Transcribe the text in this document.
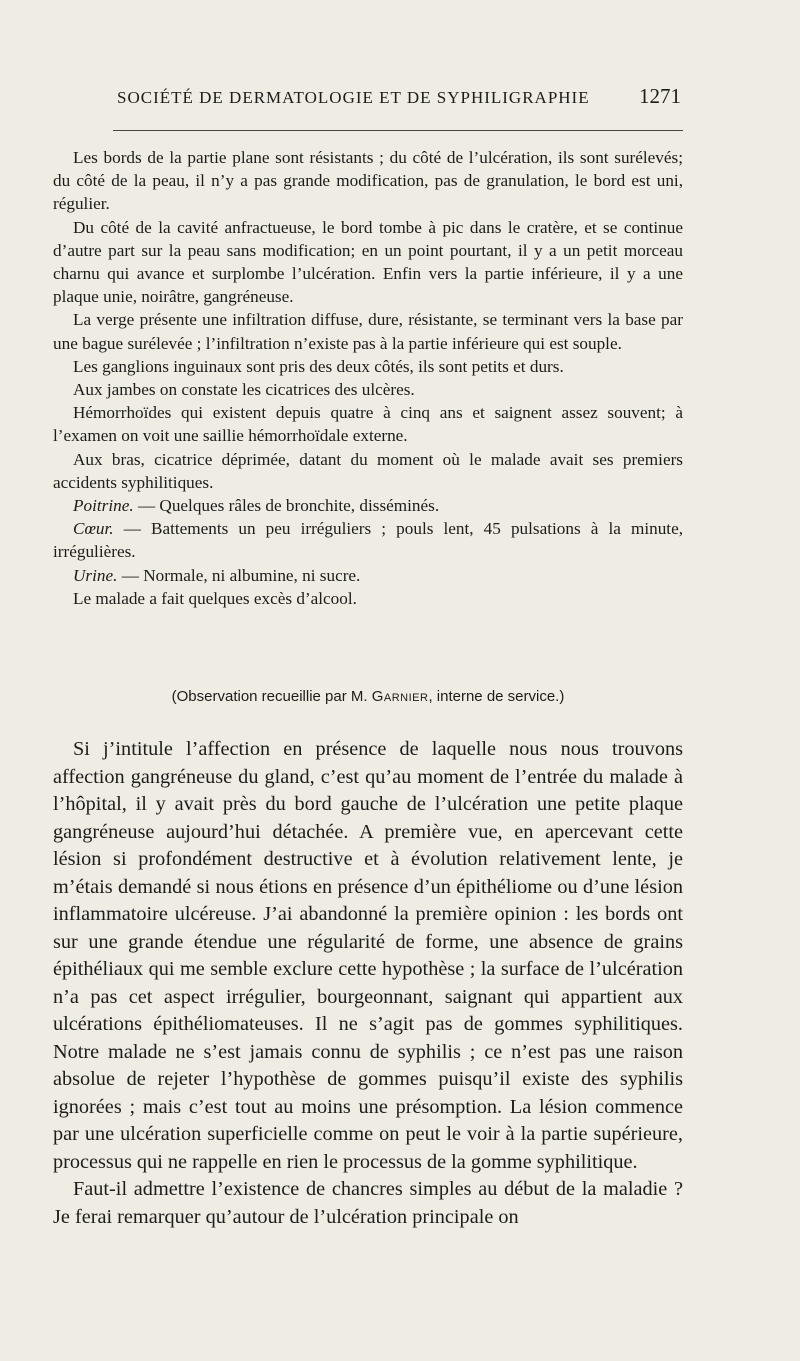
SOCIÉTÉ DE DERMATOLOGIE ET DE SYPHILIGRAPHIE 1271

Les bords de la partie plane sont résistants ; du côté de l’ulcération, ils sont surélevés; du côté de la peau, il n’y a pas grande modification, pas de granulation, le bord est uni, régulier.

Du côté de la cavité anfractueuse, le bord tombe à pic dans le cratère, et se continue d’autre part sur la peau sans modification; en un point pourtant, il y a un petit morceau charnu qui avance et surplombe l’ulcération. Enfin vers la partie inférieure, il y a une plaque unie, noirâtre, gangréneuse.

La verge présente une infiltration diffuse, dure, résistante, se terminant vers la base par une bague surélevée ; l’infiltration n’existe pas à la partie inférieure qui est souple.

Les ganglions inguinaux sont pris des deux côtés, ils sont petits et durs.

Aux jambes on constate les cicatrices des ulcères.

Hémorrhoïdes qui existent depuis quatre à cinq ans et saignent assez souvent; à l’examen on voit une saillie hémorrhoïdale externe.

Aux bras, cicatrice déprimée, datant du moment où le malade avait ses premiers accidents syphilitiques.

Poitrine. — Quelques râles de bronchite, disséminés.

Cœur. — Battements un peu irréguliers ; pouls lent, 45 pulsations à la minute, irrégulières.

Urine. — Normale, ni albumine, ni sucre.

Le malade a fait quelques excès d’alcool.

(Observation recueillie par M. Garnier, interne de service.)

Si j’intitule l’affection en présence de laquelle nous nous trouvons affection gangréneuse du gland, c’est qu’au moment de l’entrée du malade à l’hôpital, il y avait près du bord gauche de l’ulcération une petite plaque gangréneuse aujourd’hui détachée. A première vue, en apercevant cette lésion si profondément destructive et à évolution relativement lente, je m’étais demandé si nous étions en présence d’un épithéliome ou d’une lésion inflammatoire ulcéreuse. J’ai abandonné la première opinion : les bords ont sur une grande étendue une régularité de forme, une absence de grains épithéliaux qui me semble exclure cette hypothèse ; la surface de l’ulcération n’a pas cet aspect irrégulier, bourgeonnant, saignant qui appartient aux ulcérations épithéliomateuses. Il ne s’agit pas de gommes syphilitiques. Notre malade ne s’est jamais connu de syphilis ; ce n’est pas une raison absolue de rejeter l’hypothèse de gommes puisqu’il existe des syphilis ignorées ; mais c’est tout au moins une présomption. La lésion commence par une ulcération superficielle comme on peut le voir à la partie supérieure, processus qui ne rappelle en rien le processus de la gomme syphilitique.

Faut-il admettre l’existence de chancres simples au début de la maladie ? Je ferai remarquer qu’autour de l’ulcération principale on
